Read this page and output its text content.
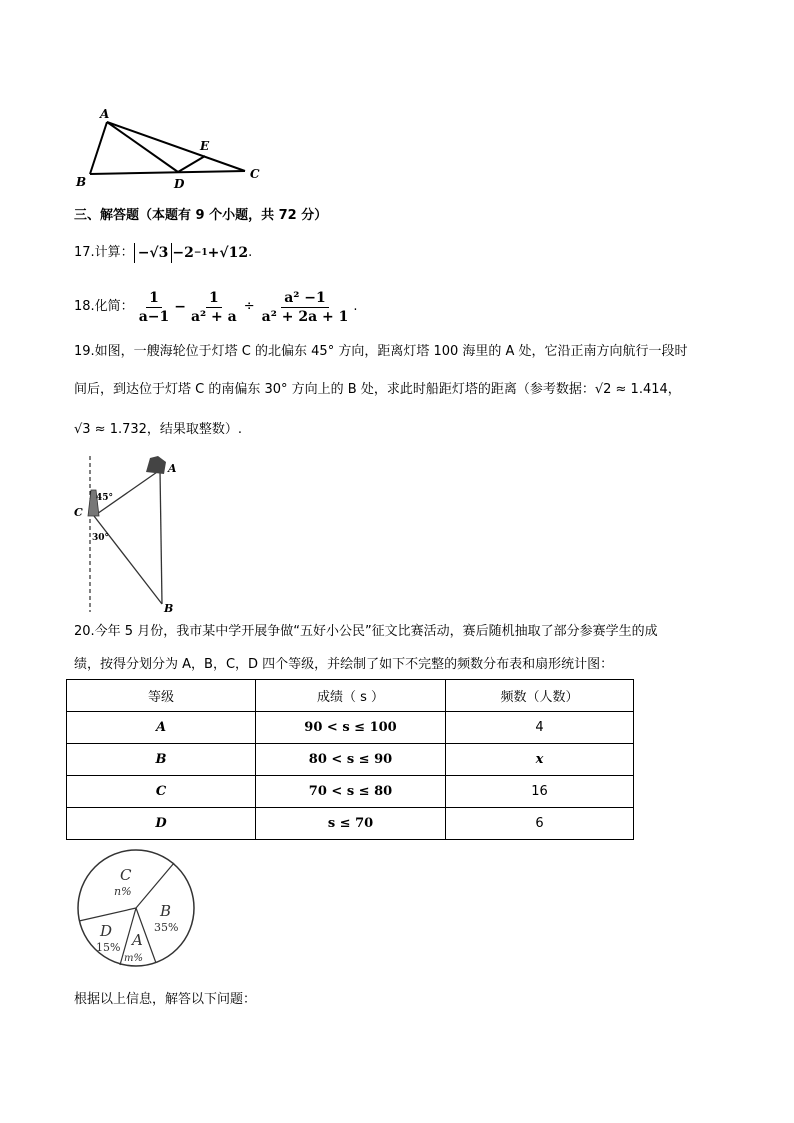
A
B	D
E
C
三、解答题（本题有 9 个小题，共 72 分）
17.计算： −√3 −2 −1 +√12 .
18.化简： $\frac{1}{a-1} - \frac{1}{\text{a² + a}} \div \frac{\text{a² −1}}{\text{a² + 2a + 1}}$ .
19.如图，一艘海轮位于灯塔 C 的北偏东 45° 方向，距离灯塔 100 海里的 A 处，它沿正南方向航行一段时
间后，到达位于灯塔 C 的南偏东 30° 方向上的 B 处，求此时船距灯塔的距离（参考数据：√2 ≈ 1.414，
√3 ≈ 1.732，结果取整数）.
A
C
B
45°
30°
20.今年 5 月份，我市某中学开展争做“五好小公民”征文比赛活动，赛后随机抽取了部分参赛学生的成
绩，按得分划分为 A，B，C，D 四个等级，并绘制了如下不完整的频数分布表和扇形统计图：
等级	成绩（ s ）	频数（人数）
A	90 < s ≤ 100	4
B	80 < s ≤ 90	x
C	70 < s ≤ 80	16
D	s ≤ 70	6
C
n%
B
35%
A
m%
D
15%
根据以上信息，解答以下问题：
